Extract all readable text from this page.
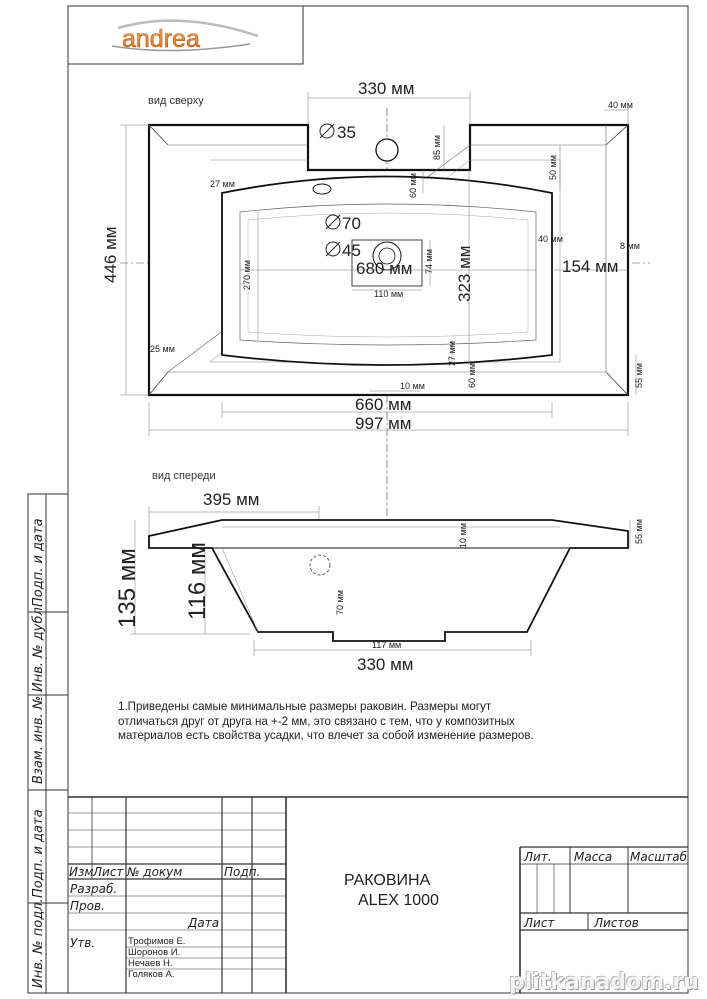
andrea
вид сверху
330 мм
40 мм
35
85 мм
60 мм
50 мм
27 мм
40 мм
8 мм
446 мм	270 мм
70
45
680 мм 74 мм 323 мм	154 мм
110 мм
25 мм	27 мм
60 мм
10 мм	55 мм
660 мм
997 мм
вид спереди
395 мм
10 мм	55 мм
135 мм 116 мм	70 мм
117 мм
330 мм
Подп. и дата
Инв. № дубл.
Взам. инв. №
Подп. и дата
Инв. № подл.
Изм Лист № докум	Подп.
Дата
Разраб.
Пров.
Утв.	Трофимов Е.
Шоронов И.
Нечаев Н.
Голяков А.
РАКОВИНА
ALEX 1000
Лит. Масса Масштаб
Лист	Листов
1.Приведены самые минимальные размеры раковин. Размеры могут
отличаться друг от друга на +-2 мм, это связано с тем, что у композитных
материалов есть свойства усадки, что влечет за собой изменение размеров.
plitkanadom.ru
